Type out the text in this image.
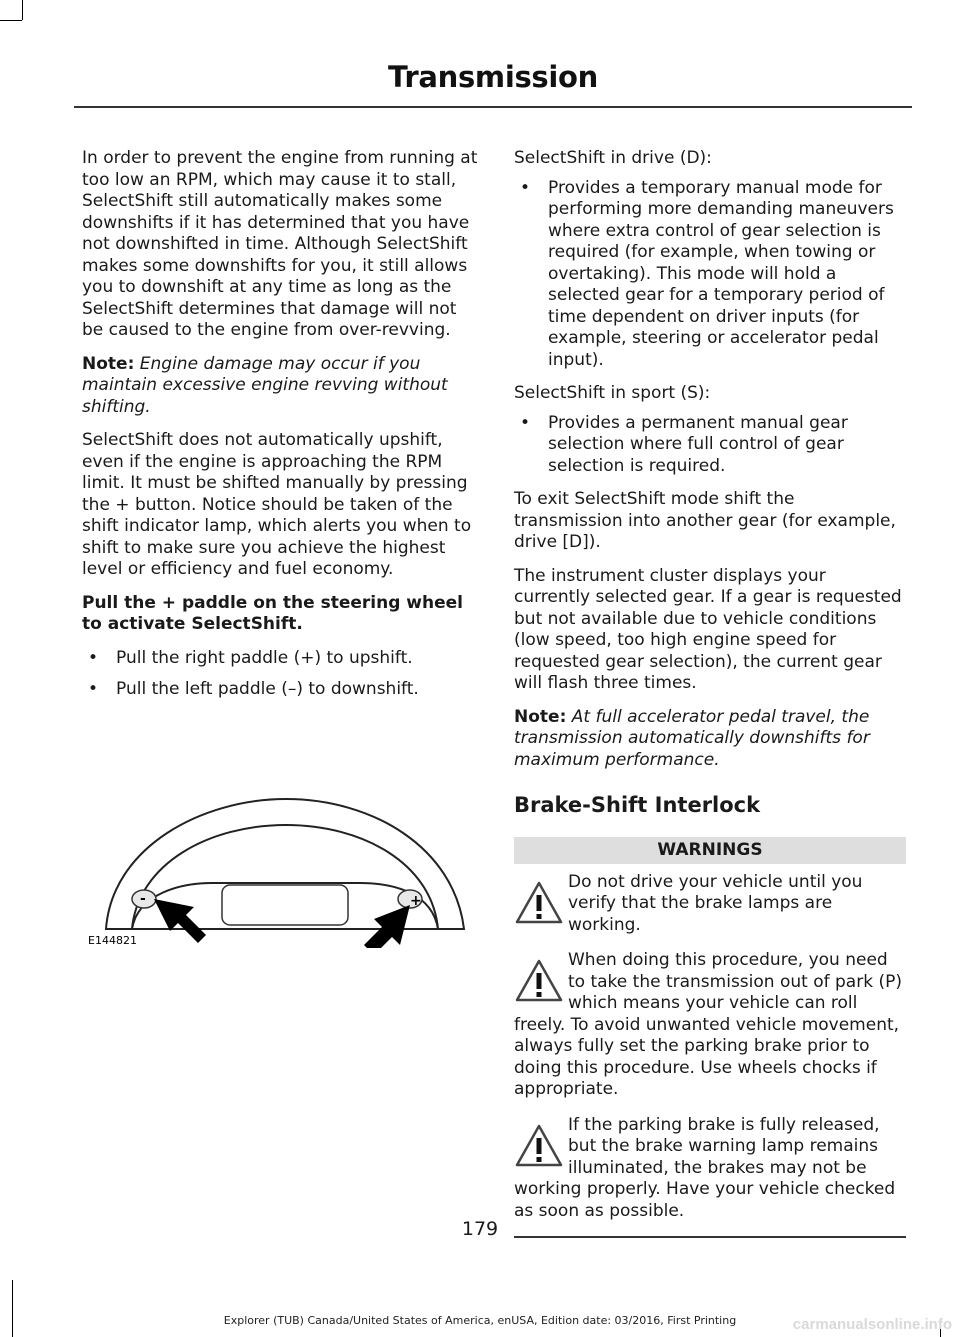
Transmission

In order to prevent the engine from running at too low an RPM, which may cause it to stall, SelectShift still automatically makes some downshifts if it has determined that you have not downshifted in time. Although SelectShift makes some downshifts for you, it still allows you to downshift at any time as long as the SelectShift determines that damage will not be caused to the engine from over-revving.

Note: Engine damage may occur if you maintain excessive engine revving without shifting.

SelectShift does not automatically upshift, even if the engine is approaching the RPM limit. It must be shifted manually by pressing the + button. Notice should be taken of the shift indicator lamp, which alerts you when to shift to make sure you achieve the highest level or efficiency and fuel economy.

Pull the + paddle on the steering wheel to activate SelectShift.
• Pull the right paddle (+) to upshift.
• Pull the left paddle (–) to downshift.
-	+
E144821

SelectShift in drive (D):

• Provides a temporary manual mode for performing more demanding maneuvers where extra control of gear selection is required (for example, when towing or overtaking). This mode will hold a selected gear for a temporary period of time dependent on driver inputs (for example, steering or accelerator pedal input).

SelectShift in sport (S):

• Provides a permanent manual gear selection where full control of gear selection is required.

To exit SelectShift mode shift the transmission into another gear (for example, drive [D]).

The instrument cluster displays your currently selected gear. If a gear is requested but not available due to vehicle conditions (low speed, too high engine speed for requested gear selection), the current gear will flash three times.

Note: At full accelerator pedal travel, the transmission automatically downshifts for maximum performance.

Brake-Shift Interlock
WARNINGS
Do not drive your vehicle until you verify that the brake lamps are working.
When doing this procedure, you need to take the transmission out of park (P) which means your vehicle can roll freely. To avoid unwanted vehicle movement, always fully set the parking brake prior to doing this procedure. Use wheels chocks if appropriate.
If the parking brake is fully released, but the brake warning lamp remains illuminated, the brakes may not be working properly. Have your vehicle checked as soon as possible.
179
Explorer (TUB) Canada/United States of America, enUSA, Edition date: 03/2016, First Printing	carmanualsonline.info
